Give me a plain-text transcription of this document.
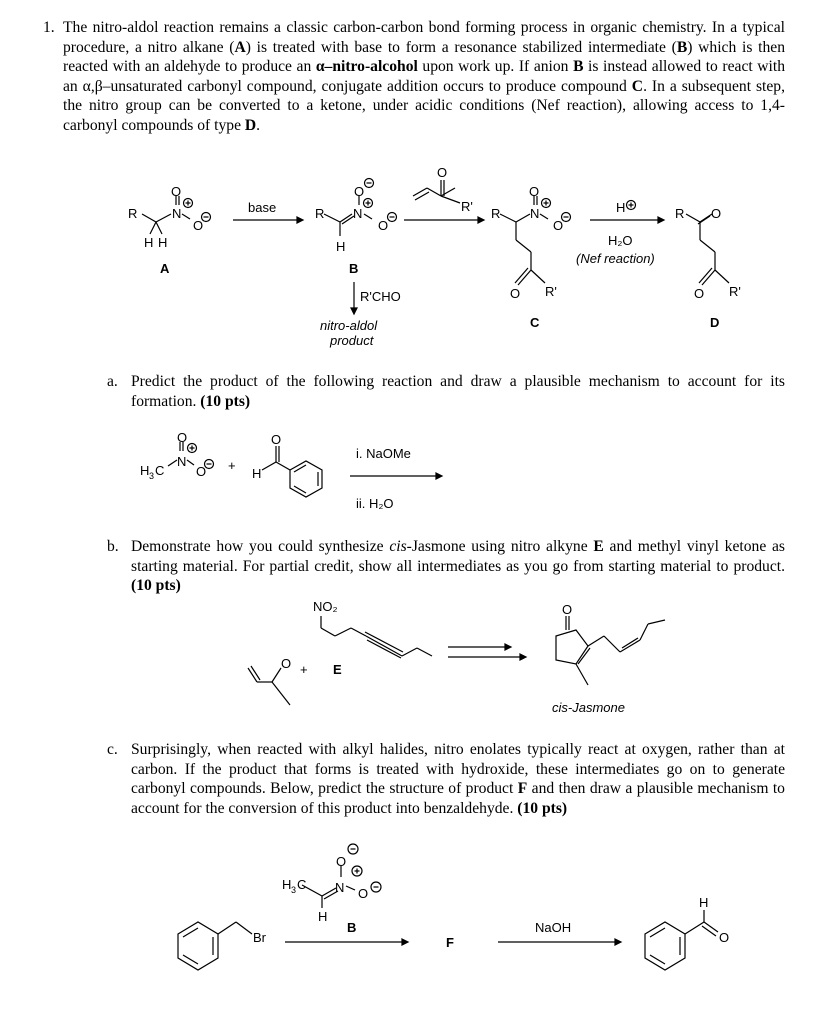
1. The nitro-aldol reaction remains a classic carbon-carbon bond forming process in organic chemistry. In a typical procedure, a nitro alkane (A) is treated with base to form a resonance stabilized intermediate (B) which is then reacted with an aldehyde to produce an α–nitro-alcohol upon work up. If anion B is instead allowed to react with an α,β–unsaturated carbonyl compound, conjugate addition occurs to produce compound C. In a subsequent step, the nitro group can be converted to a ketone, under acidic conditions (Nef reaction), allowing access to 1,4-carbonyl compounds of type D.
R	N
O
O
H H
A
base	R N
O
O
H
B
R'CHO
nitro-aldol
product
O
R' R N
O
O
O R'
C
H
H₂O
(Nef reaction)
R O
O R'
D
a. Predict the product of the following reaction and draw a plausible mechanism to account for its formation. (10 pts)
H 3 C
N
O
O +
H
O
i. NaOMe
ii. H₂O
b. Demonstrate how you could synthesize cis-Jasmone using nitro alkyne E and methyl vinyl ketone as starting material. For partial credit, show all intermediates as you go from starting material to product. (10 pts)
O + E
NO₂	O
cis-Jasmone
c. Surprisingly, when reacted with alkyl halides, nitro enolates typically react at oxygen, rather than at carbon. If the product that forms is treated with hydroxide, these intermediates go on to generate carbonyl compounds. Below, predict the structure of product F and then draw a plausible mechanism to account for the conversion of this product into benzaldehyde. (10 pts)
Br
H 3 C N
O
O
H
B
F
NaOH
H
O
